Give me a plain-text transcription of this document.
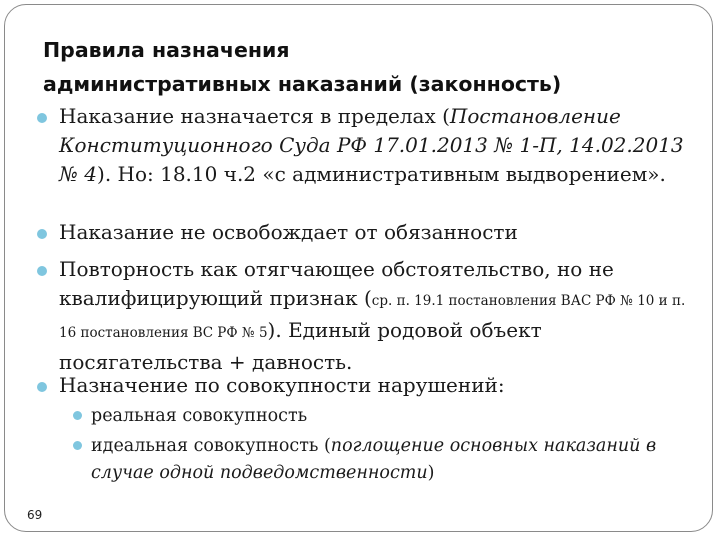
Правила назначения
административных наказаний (законность)
Наказание назначается в пределах (Постановление Конституционного Суда РФ 17.01.2013 № 1-П, 14.02.2013 № 4). Но: 18.10 ч.2 «с административным выдворением».
Наказание не освобождает от обязанности
Повторность как отягчающее обстоятельство, но не квалифицирующий признак (ср. п. 19.1 постановления ВАС РФ № 10 и п. 16 постановления ВС РФ № 5). Единый родовой объект посягательства + давность.
Назначение по совокупности нарушений:
реальная совокупность
идеальная совокупность (поглощение основных наказаний в случае одной подведомственности)
69
